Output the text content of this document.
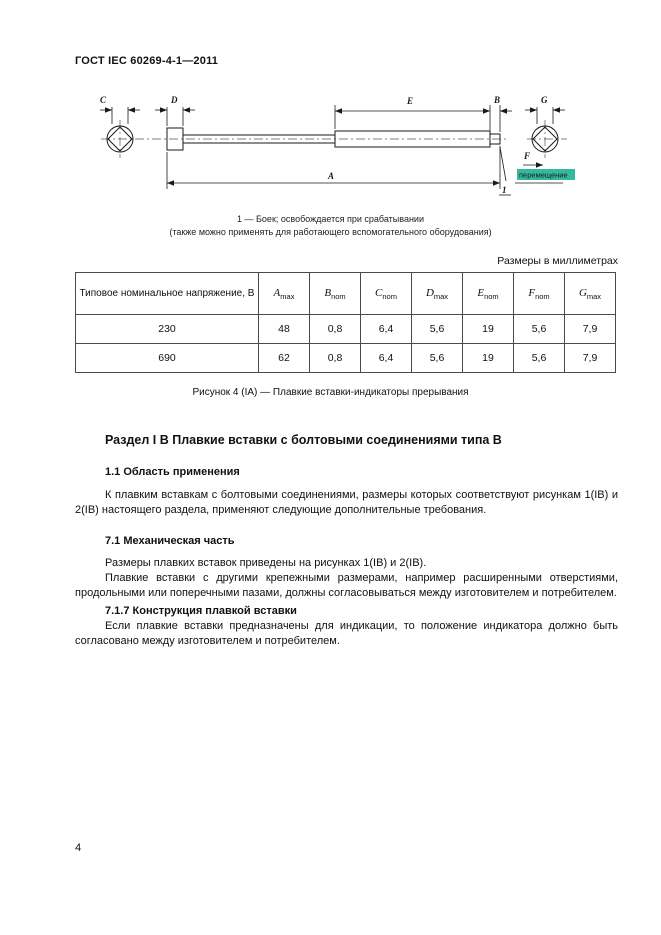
ГОСТ IEC 60269-4-1—2011
C	D	E	B	G
A
1
F
перемещение
1 — Боек; освобождается при срабатывании
(также можно применять для работающего вспомогательного оборудования)
Размеры в миллиметрах
Типовое номинальное напряжение, В	$A_{max}$	$B_{nom}$	$C_{nom}$	$D_{max}$	$E_{nom}$	$F_{nom}$	$G_{max}$
230	48	0,8	6,4	5,6	19	5,6	7,9
690	62	0,8	6,4	5,6	19	5,6	7,9
Рисунок 4 (IA) — Плавкие вставки-индикаторы прерывания
Раздел I В Плавкие вставки с болтовыми соединениями типа В
1.1 Область применения

К плавким вставкам с болтовыми соединениями, размеры которых соответствуют рисункам 1(IВ) и 2(IВ) настоящего раздела, применяют следующие дополнительные требования.

7.1 Механическая часть

Размеры плавких вставок приведены на рисунках 1(IВ) и 2(IВ).

Плавкие вставки с другими крепежными размерами, например расширенными отверстиями, продольными или поперечными пазами, должны согласовываться между изготовителем и потребителем.

7.1.7 Конструкция плавкой вставки

Если плавкие вставки предназначены для индикации, то положение индикатора должно быть согласовано между изготовителем и потребителем.

4
